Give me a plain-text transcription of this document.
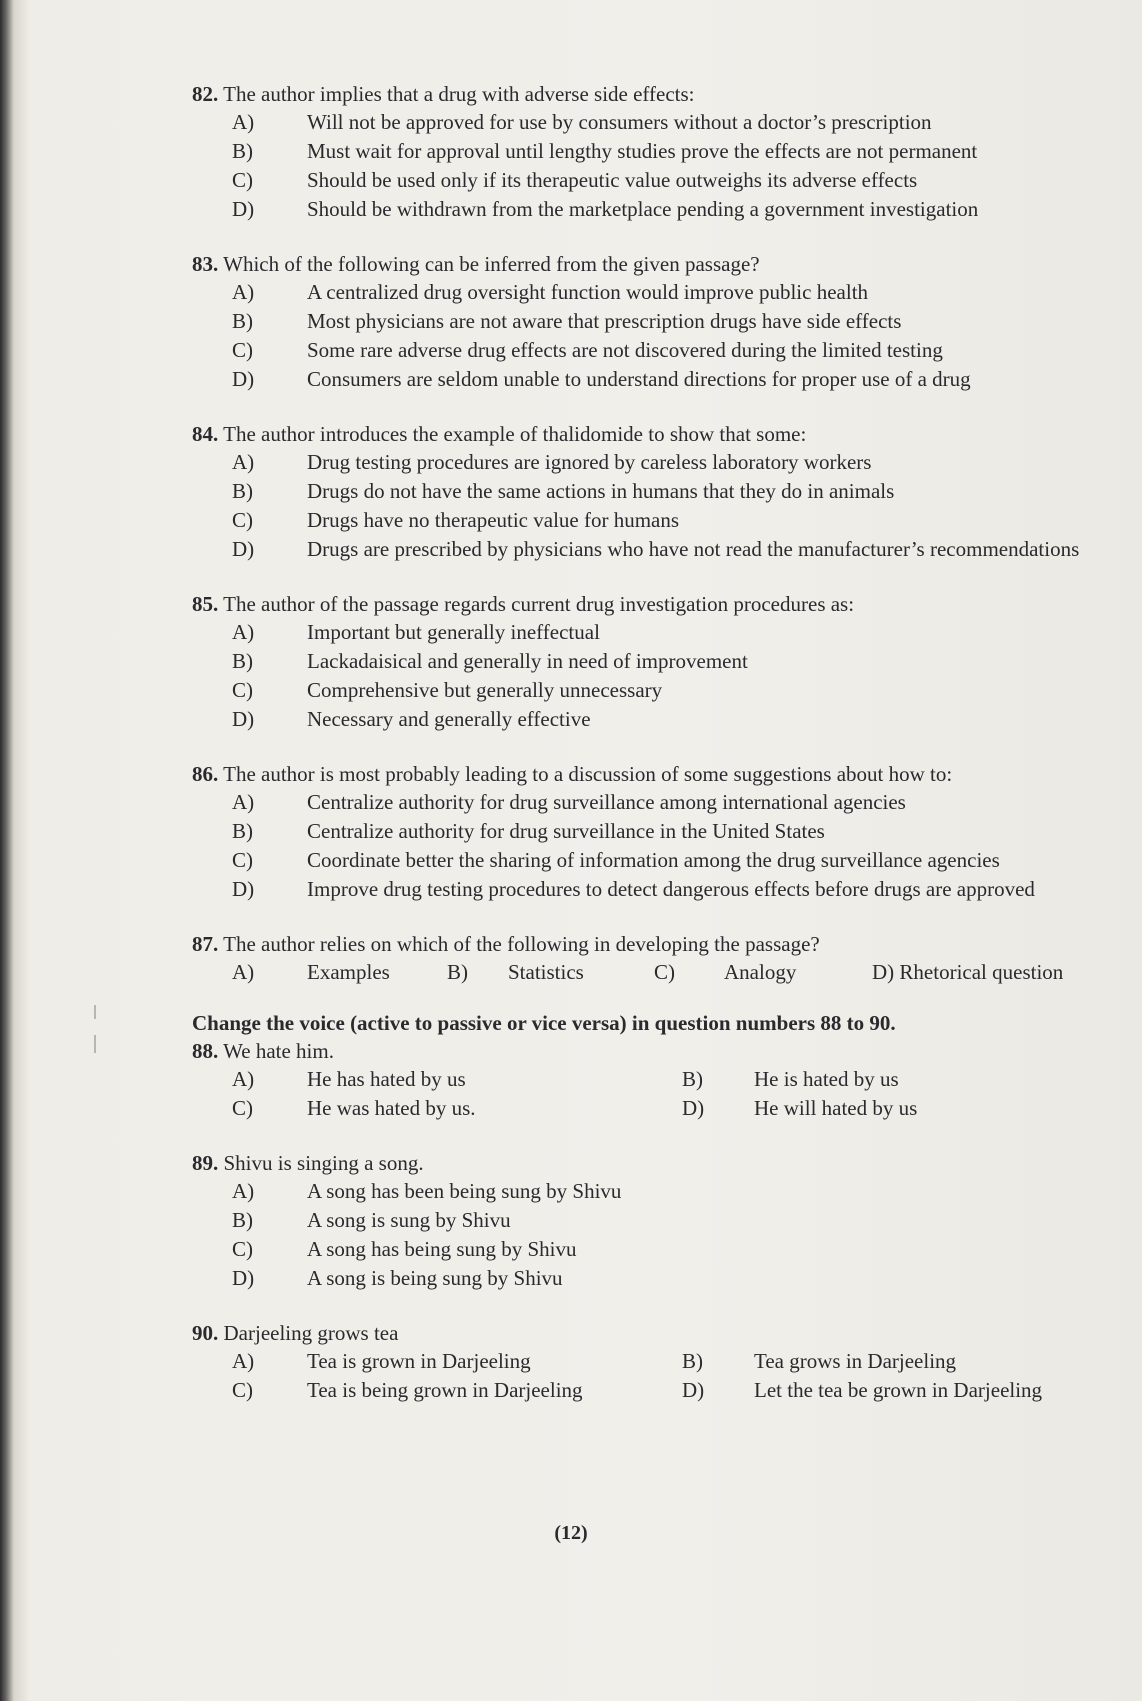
82. The author implies that a drug with adverse side effects:
A)	Will not be approved for use by consumers without a doctor’s prescription
B)	Must wait for approval until lengthy studies prove the effects are not permanent
C)	Should be used only if its therapeutic value outweighs its adverse effects
D)	Should be withdrawn from the marketplace pending a government investigation
83. Which of the following can be inferred from the given passage?
A)	A centralized drug oversight function would improve public health
B)	Most physicians are not aware that prescription drugs have side effects
C)	Some rare adverse drug effects are not discovered during the limited testing
D)	Consumers are seldom unable to understand directions for proper use of a drug
84. The author introduces the example of thalidomide to show that some:
A)	Drug testing procedures are ignored by careless laboratory workers
B)	Drugs do not have the same actions in humans that they do in animals
C)	Drugs have no therapeutic value for humans
D)	Drugs are prescribed by physicians who have not read the manufacturer’s recommendations
85. The author of the passage regards current drug investigation procedures as:
A)	Important but generally ineffectual
B)	Lackadaisical and generally in need of improvement
C)	Comprehensive but generally unnecessary
D)	Necessary and generally effective
86. The author is most probably leading to a discussion of some suggestions about how to:
A)	Centralize authority for drug surveillance among international agencies
B)	Centralize authority for drug surveillance in the United States
C)	Coordinate better the sharing of information among the drug surveillance agencies
D)	Improve drug testing procedures to detect dangerous effects before drugs are approved
87. The author relies on which of the following in developing the passage?
A)	Examples	B)	Statistics	C)	Analogy	D) Rhetorical question
Change the voice (active to passive or vice versa) in question numbers 88 to 90.
88. We hate him.
A)	He has hated by us	B)	He is hated by us
C)	He was hated by us.	D)	He will hated by us
89. Shivu is singing a song.
A)	A song has been being sung by Shivu
B)	A song is sung by Shivu
C)	A song has being sung by Shivu
D)	A song is being sung by Shivu
90. Darjeeling grows tea
A)	Tea is grown in Darjeeling	B)	Tea grows in Darjeeling
C)	Tea is being grown in Darjeeling	D)	Let the tea be grown in Darjeeling
(12)
